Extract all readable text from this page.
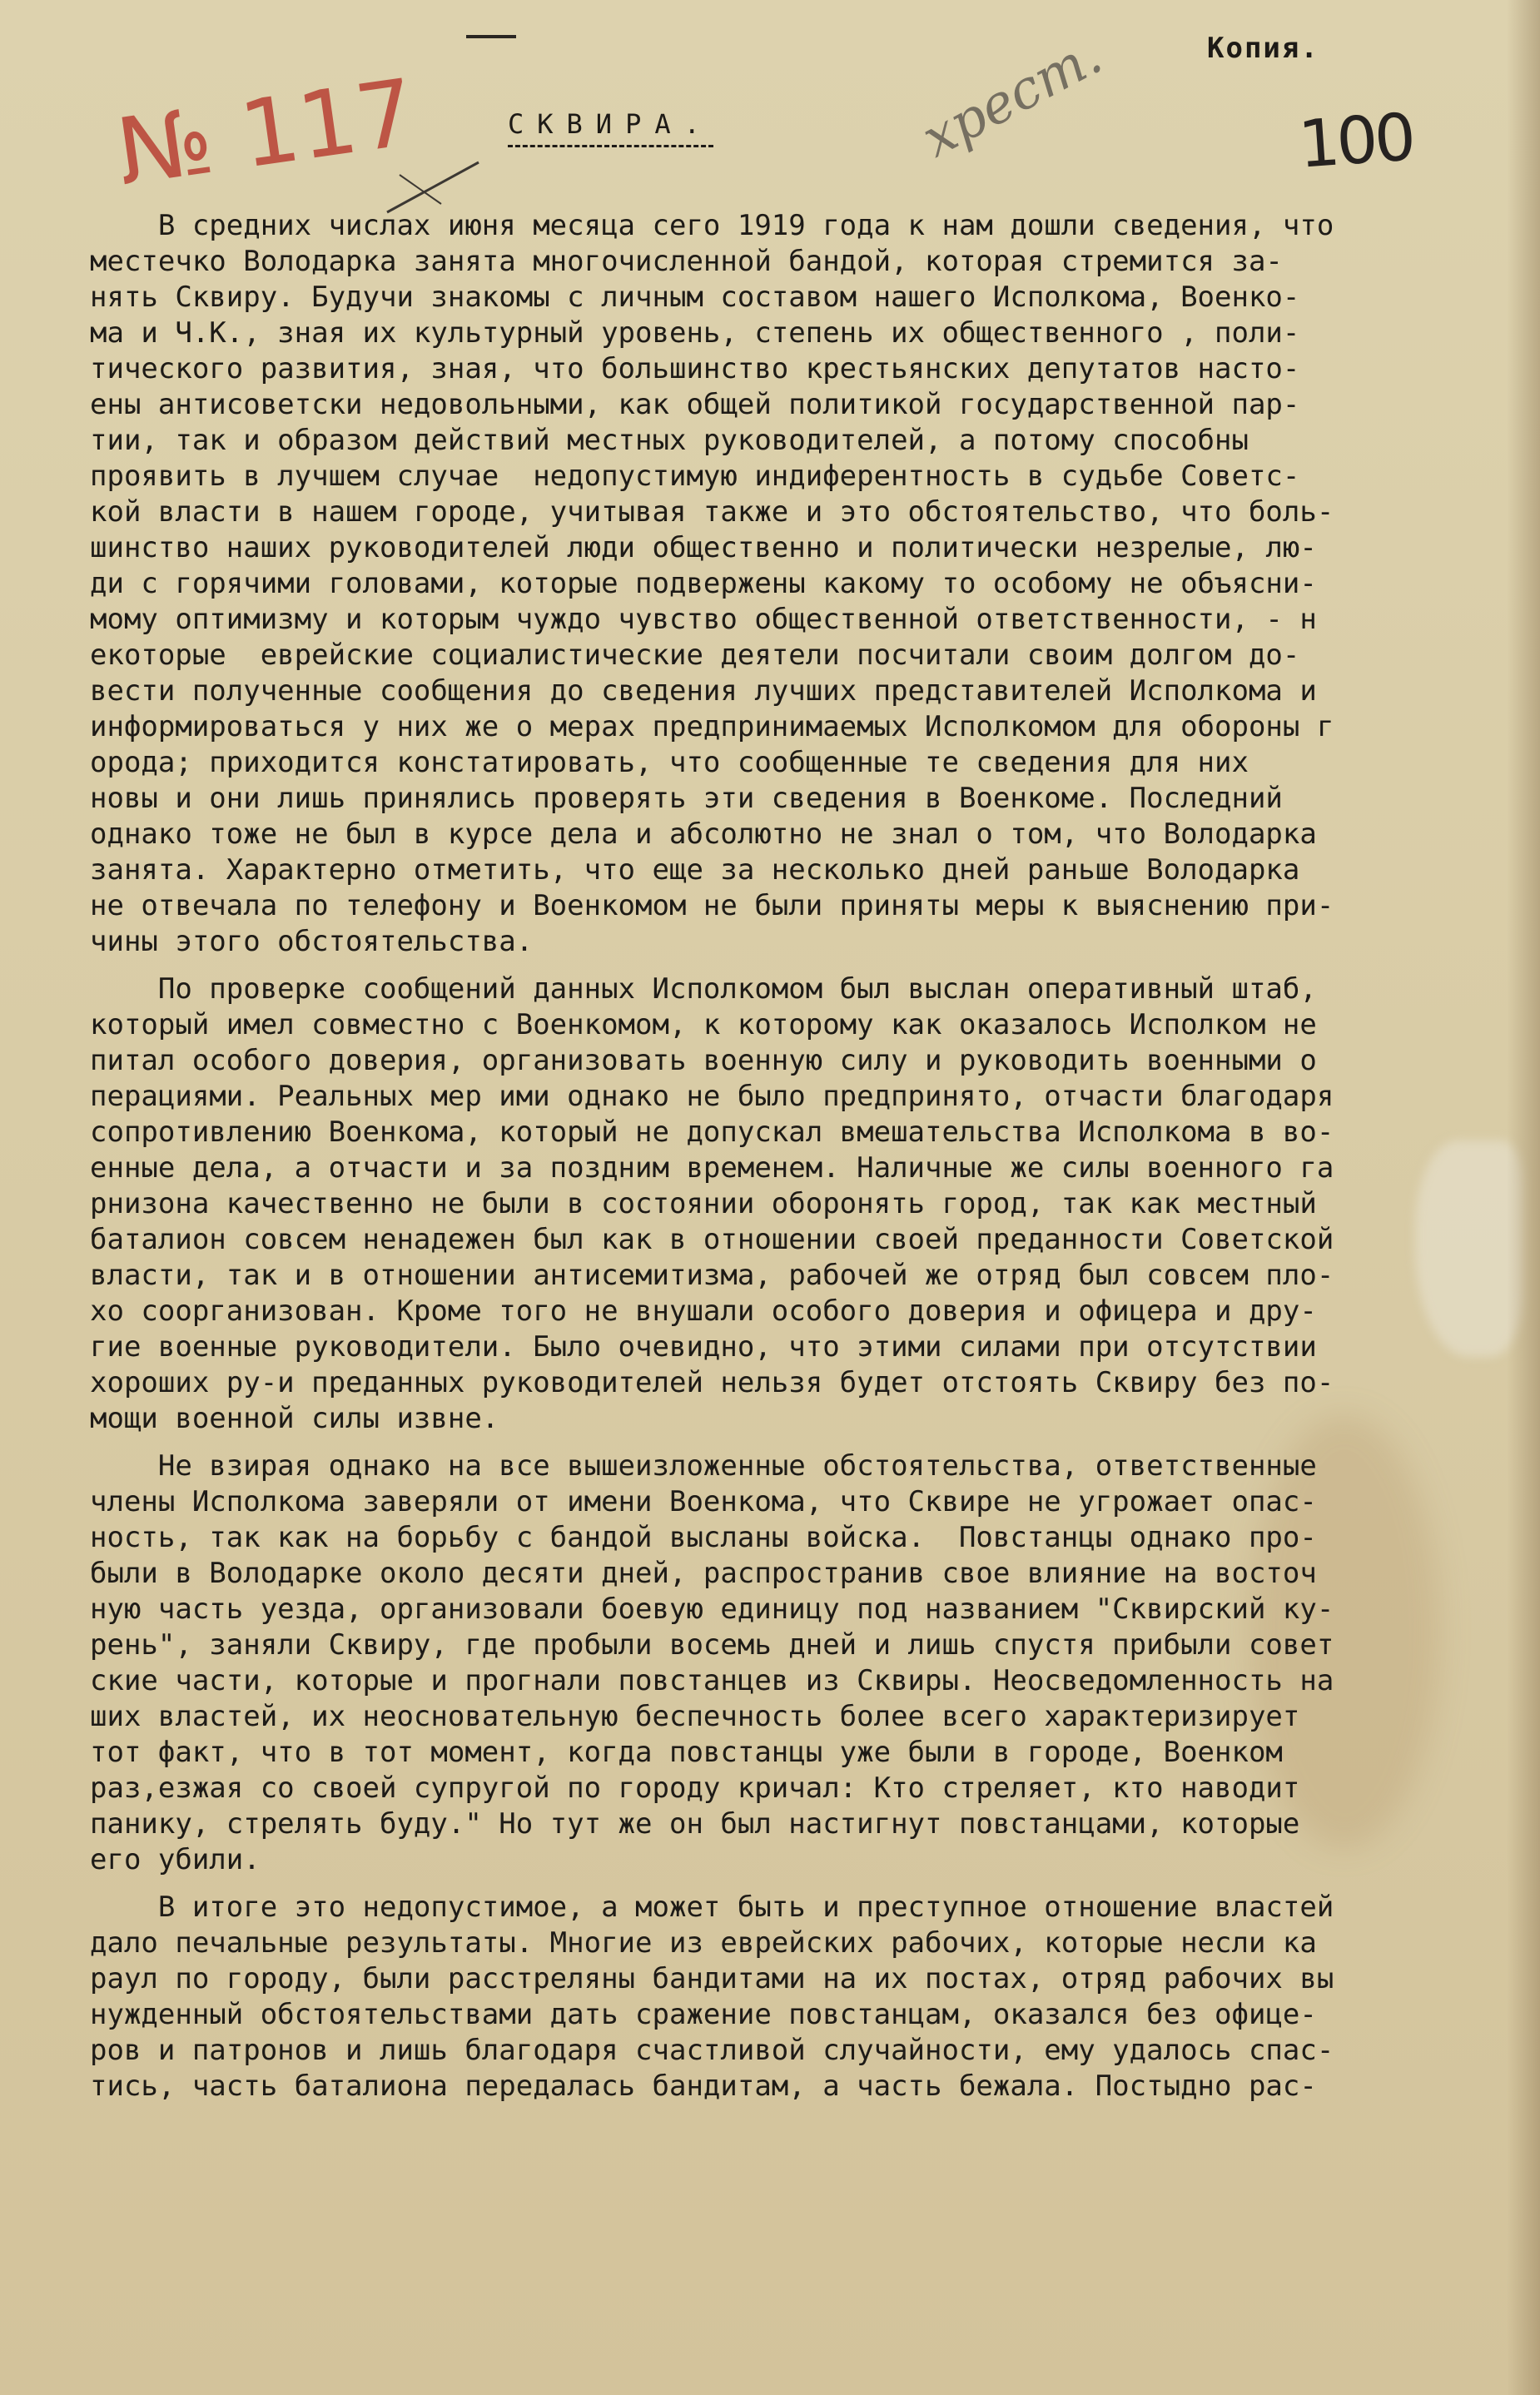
№ 117	хрест.	Копия.
100
СКВИРА.
В средних числах июня месяца сего 1919 года к нам дошли сведения, что
местечко Володарка занята многочисленной бандой, которая стремится за-
нять Сквиру. Будучи знакомы с личным составом нашего Исполкома, Военко-
ма и Ч.К., зная их культурный уровень, степень их общественного , поли-
тического развития, зная, что большинство крестьянских депутатов насто-
ены антисоветски недовольными, как общей политикой государственной пар-
тии, так и образом действий местных руководителей, а потому способны
проявить в лучшем случае  недопустимую индиферентность в судьбе Советс-
кой власти в нашем городе, учитывая также и это обстоятельство, что боль-
шинство наших руководителей люди общественно и политически незрелые, лю-
ди с горячими головами, которые подвержены какому то особому не объясни-
мому оптимизму и которым чуждо чувство общественной ответственности, - н
екоторые  еврейские социалистические деятели посчитали своим долгом до-
вести полученные сообщения до сведения лучших представителей Исполкома и
информироваться у них же о мерах предпринимаемых Исполкомом для обороны г
орода; приходится констатировать, что сообщенные те сведения для них
новы и они лишь принялись проверять эти сведения в Военкоме. Последний
однако тоже не был в курсе дела и абсолютно не знал о том, что Володарка
занята. Характерно отметить, что еще за несколько дней раньше Володарка
не отвечала по телефону и Военкомом не были приняты меры к выяснению при-
чины этого обстоятельства.
По проверке сообщений данных Исполкомом был выслан оперативный штаб,
который имел совместно с Военкомом, к которому как оказалось Исполком не
питал особого доверия, организовать военную силу и руководить военными о
перациями. Реальных мер ими однако не было предпринято, отчасти благодаря
сопротивлению Военкома, который не допускал вмешательства Исполкома в во-
енные дела, а отчасти и за поздним временем. Наличные же силы военного га
рнизона качественно не были в состоянии оборонять город, так как местный
баталион совсем ненадежен был как в отношении своей преданности Советской
власти, так и в отношении антисемитизма, рабочей же отряд был совсем пло-
хо соорганизован. Кроме того не внушали особого доверия и офицера и дру-
гие военные руководители. Было очевидно, что этими силами при отсутствии
хороших ру-и преданных руководителей нельзя будет отстоять Сквиру без по-
мощи военной силы извне.
Не взирая однако на все вышеизложенные обстоятельства, ответственные
члены Исполкома заверяли от имени Военкома, что Сквире не угрожает опас-
ность, так как на борьбу с бандой высланы войска.  Повстанцы однако про-
были в Володарке около десяти дней, распространив свое влияние на восточ
ную часть уезда, организовали боевую единицу под названием "Сквирский ку-
рень", заняли Сквиру, где пробыли восемь дней и лишь спустя прибыли совет
ские части, которые и прогнали повстанцев из Сквиры. Неосведомленность на
ших властей, их неосновательную беспечность более всего характеризирует
тот факт, что в тот момент, когда повстанцы уже были в городе, Военком
раз,езжая со своей супругой по городу кричал: Кто стреляет, кто наводит
панику, стрелять буду." Но тут же он был настигнут повстанцами, которые
его убили.
В итоге это недопустимое, а может быть и преступное отношение властей
дало печальные результаты. Многие из еврейских рабочих, которые несли ка
раул по городу, были расстреляны бандитами на их постах, отряд рабочих вы
нужденный обстоятельствами дать сражение повстанцам, оказался без офице-
ров и патронов и лишь благодаря счастливой случайности, ему удалось спас-
тись, часть баталиона передалась бандитам, а часть бежала. Постыдно рас-
